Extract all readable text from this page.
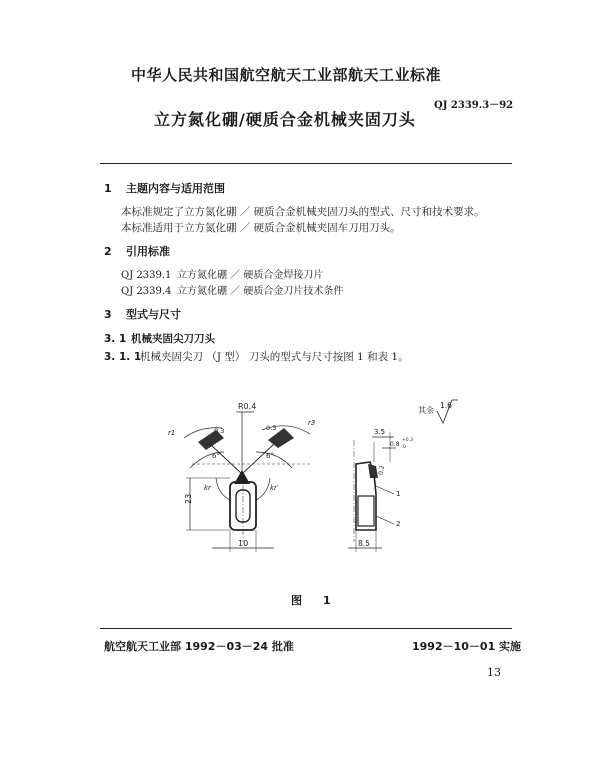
中华人民共和国航空航天工业部航天工业标准
QJ 2339.3－92
立方氮化硼/硬质合金机械夹固刀头
1 主题内容与适用范围
本标准规定了立方氮化硼 ／ 硬质合金机械夹固刀头的型式、尺寸和技术要求。
本标准适用于立方氮化硼 ／ 硬质合金机械夹固车刀用刀头。
2 引用标准
QJ 2339.1 立方氮化硼 ／ 硬质合金焊接刀片
QJ 2339.4 立方氮化硼 ／ 硬质合金刀片技术条件
3 型式与尺寸
3. 1 机械夹固尖刀刀头
3. 1. 1机械夹固尖刀 （J 型） 刀头的型式与尺寸按图 1 和表 1。
其余
1.6
R0.4
r1	0.3
r3
0.3
6°	6°
kr	kr′
23
10
3.5
0.8
+0.3
0
0.2
1
2
8.5
图　1
航空航天工业部 1992－03－24 批准	1992－10－01 实施
13
